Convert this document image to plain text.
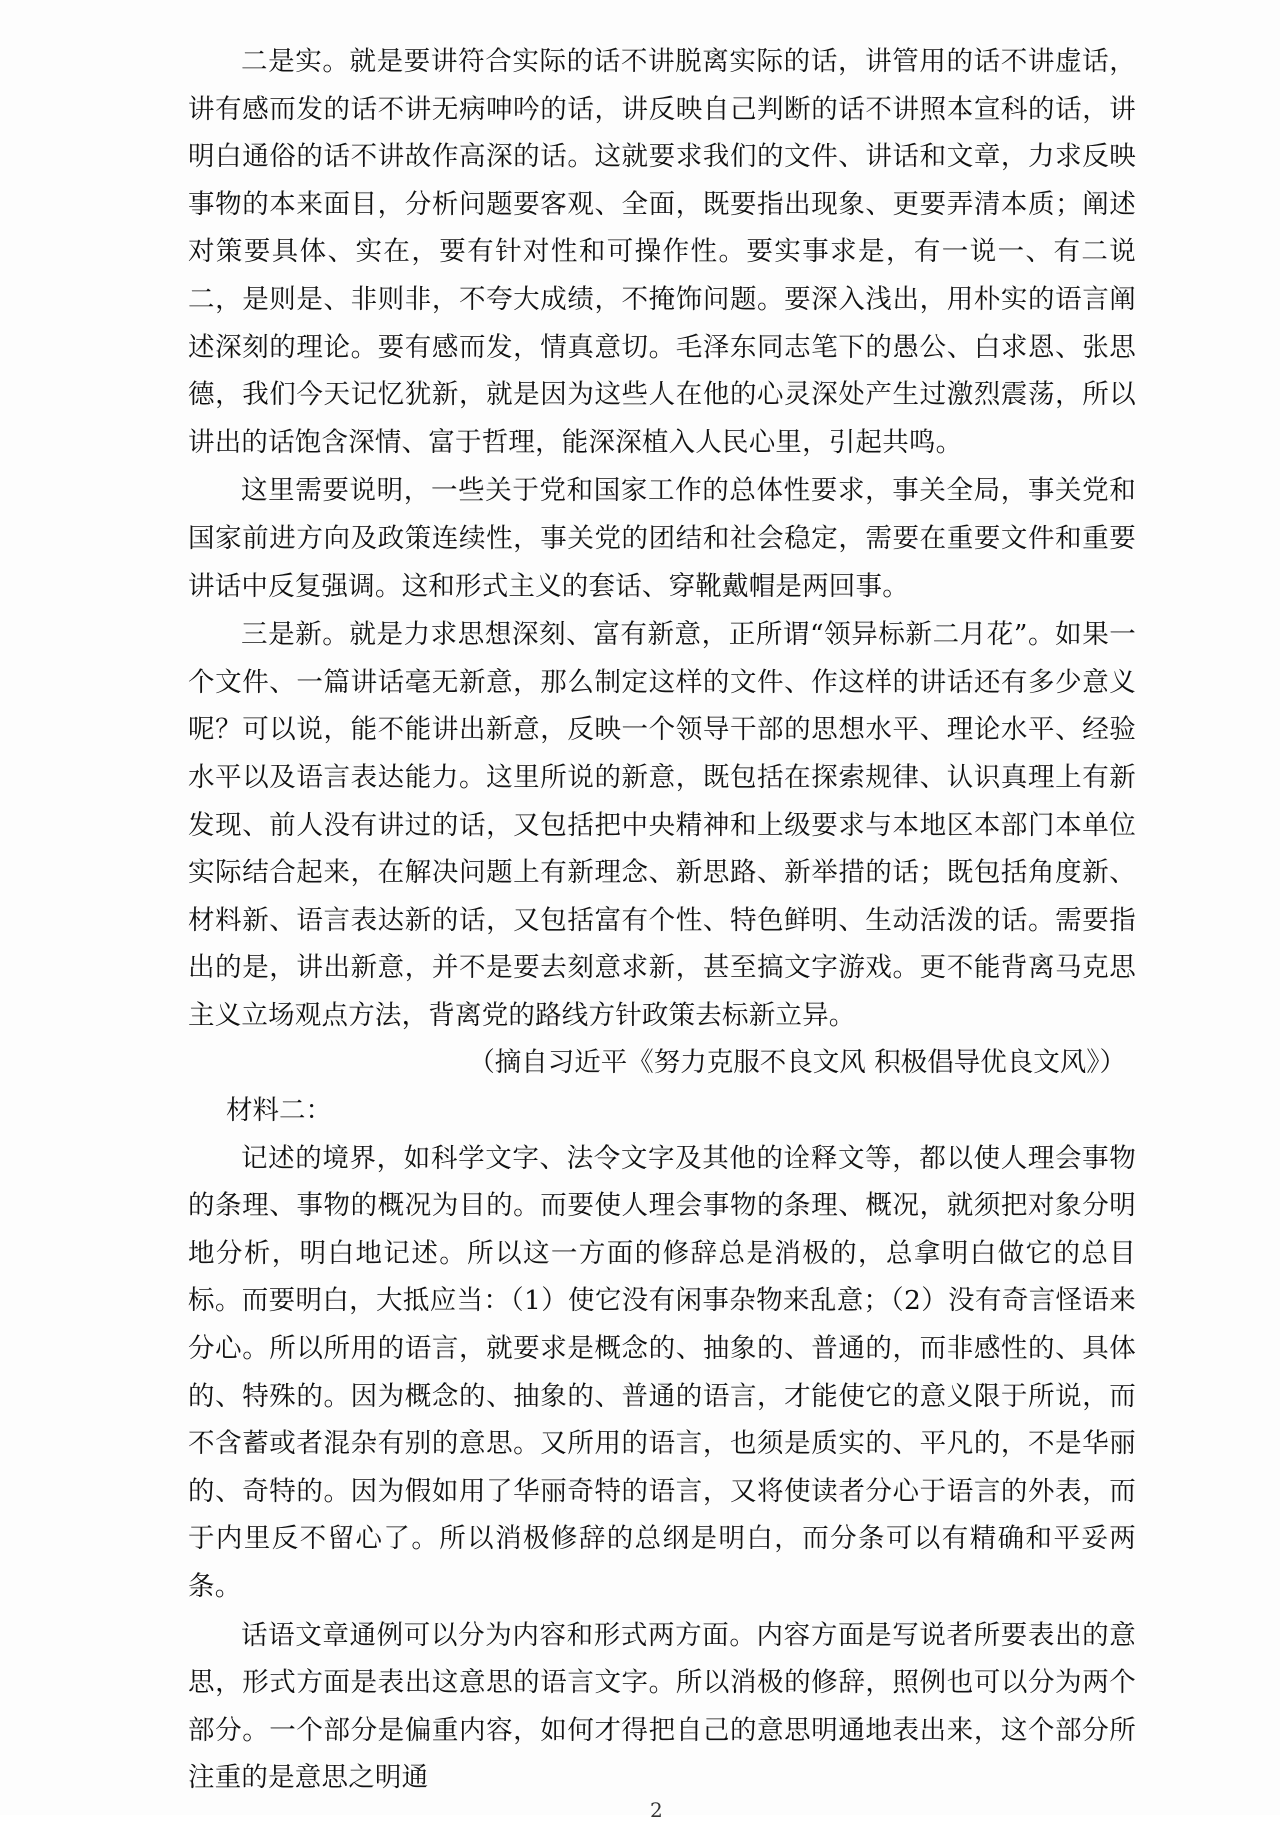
二是实。就是要讲符合实际的话不讲脱离实际的话，讲管用的话不讲虚话，讲有感而发的话不讲无病呻吟的话，讲反映自己判断的话不讲照本宣科的话，讲明白通俗的话不讲故作高深的话。这就要求我们的文件、讲话和文章，力求反映事物的本来面目，分析问题要客观、全面，既要指出现象、更要弄清本质；阐述对策要具体、实在，要有针对性和可操作性。要实事求是，有一说一、有二说二，是则是、非则非，不夸大成绩，不掩饰问题。要深入浅出，用朴实的语言阐述深刻的理论。要有感而发，情真意切。毛泽东同志笔下的愚公、白求恩、张思德，我们今天记忆犹新，就是因为这些人在他的心灵深处产生过激烈震荡，所以讲出的话饱含深情、富于哲理，能深深植入人民心里，引起共鸣。

这里需要说明，一些关于党和国家工作的总体性要求，事关全局，事关党和国家前进方向及政策连续性，事关党的团结和社会稳定，需要在重要文件和重要讲话中反复强调。这和形式主义的套话、穿靴戴帽是两回事。

三是新。就是力求思想深刻、富有新意，正所谓“领异标新二月花”。如果一个文件、一篇讲话毫无新意，那么制定这样的文件、作这样的讲话还有多少意义呢？可以说，能不能讲出新意，反映一个领导干部的思想水平、理论水平、经验水平以及语言表达能力。这里所说的新意，既包括在探索规律、认识真理上有新发现、前人没有讲过的话，又包括把中央精神和上级要求与本地区本部门本单位实际结合起来，在解决问题上有新理念、新思路、新举措的话；既包括角度新、材料新、语言表达新的话，又包括富有个性、特色鲜明、生动活泼的话。需要指出的是，讲出新意，并不是要去刻意求新，甚至搞文字游戏。更不能背离马克思主义立场观点方法，背离党的路线方针政策去标新立异。

（摘自习近平《努力克服不良文风 积极倡导优良文风》）

材料二：

记述的境界，如科学文字、法令文字及其他的诠释文等，都以使人理会事物的条理、事物的概况为目的。而要使人理会事物的条理、概况，就须把对象分明地分析，明白地记述。所以这一方面的修辞总是消极的，总拿明白做它的总目标。而要明白，大抵应当：（1）使它没有闲事杂物来乱意；（2）没有奇言怪语来分心。所以所用的语言，就要求是概念的、抽象的、普通的，而非感性的、具体的、特殊的。因为概念的、抽象的、普通的语言，才能使它的意义限于所说，而不含蓄或者混杂有别的意思。又所用的语言，也须是质实的、平凡的，不是华丽的、奇特的。因为假如用了华丽奇特的语言，又将使读者分心于语言的外表，而于内里反不留心了。所以消极修辞的总纲是明白，而分条可以有精确和平妥两条。

话语文章通例可以分为内容和形式两方面。内容方面是写说者所要表出的意思，形式方面是表出这意思的语言文字。所以消极的修辞，照例也可以分为两个部分。一个部分是偏重内容，如何才得把自己的意思明通地表出来，这个部分所注重的是意思之明通

2
